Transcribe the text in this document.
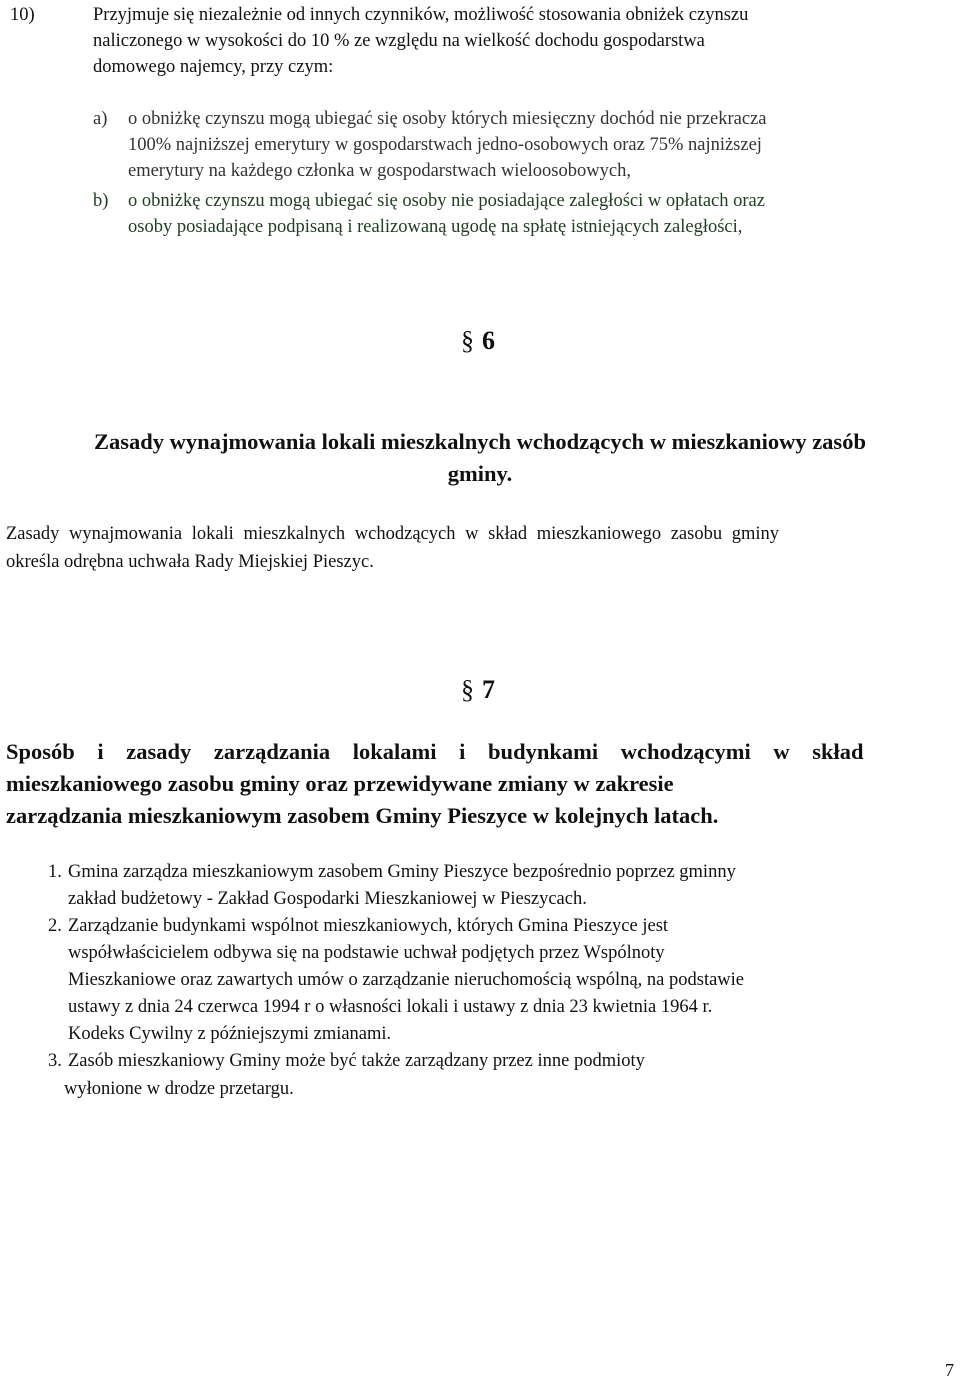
10)	Przyjmuje się niezależnie od innych czynników, możliwość stosowania obniżek czynszu
naliczonego w wysokości do 10 % ze względu na wielkość dochodu gospodarstwa
domowego najemcy, przy czym:
a) o obniżkę czynszu mogą ubiegać się osoby których miesięczny dochód nie przekracza
100% najniższej emerytury w gospodarstwach jedno-osobowych oraz 75% najniższej
emerytury na każdego członka w gospodarstwach wieloosobowych,
b) o obniżkę czynszu mogą ubiegać się osoby nie posiadające zaległości w opłatach oraz
osoby posiadające podpisaną i realizowaną ugodę na spłatę istniejących zaległości,
§ 6
Zasady wynajmowania lokali mieszkalnych wchodzących w mieszkaniowy zasób
gminy.
Zasady wynajmowania lokali mieszkalnych wchodzących w skład mieszkaniowego zasobu gminy
określa odrębna uchwała Rady Miejskiej Pieszyc.
§ 7
Sposób i zasady zarządzania lokalami i budynkami wchodzącymi w skład
mieszkaniowego zasobu gminy oraz przewidywane zmiany w zakresie
zarządzania mieszkaniowym zasobem Gminy Pieszyce w kolejnych latach.
1. Gmina zarządza mieszkaniowym zasobem Gminy Pieszyce bezpośrednio poprzez gminny
zakład budżetowy - Zakład Gospodarki Mieszkaniowej w Pieszycach.
2. Zarządzanie budynkami wspólnot mieszkaniowych, których Gmina Pieszyce jest
współwłaścicielem odbywa się na podstawie uchwał podjętych przez Wspólnoty
Mieszkaniowe oraz zawartych umów o zarządzanie nieruchomością wspólną, na podstawie
ustawy z dnia 24 czerwca 1994 r o własności lokali i ustawy z dnia 23 kwietnia 1964 r.
Kodeks Cywilny z późniejszymi zmianami.
3. Zasób mieszkaniowy Gminy może być także zarządzany przez inne podmioty
wyłonione w drodze przetargu.
7
